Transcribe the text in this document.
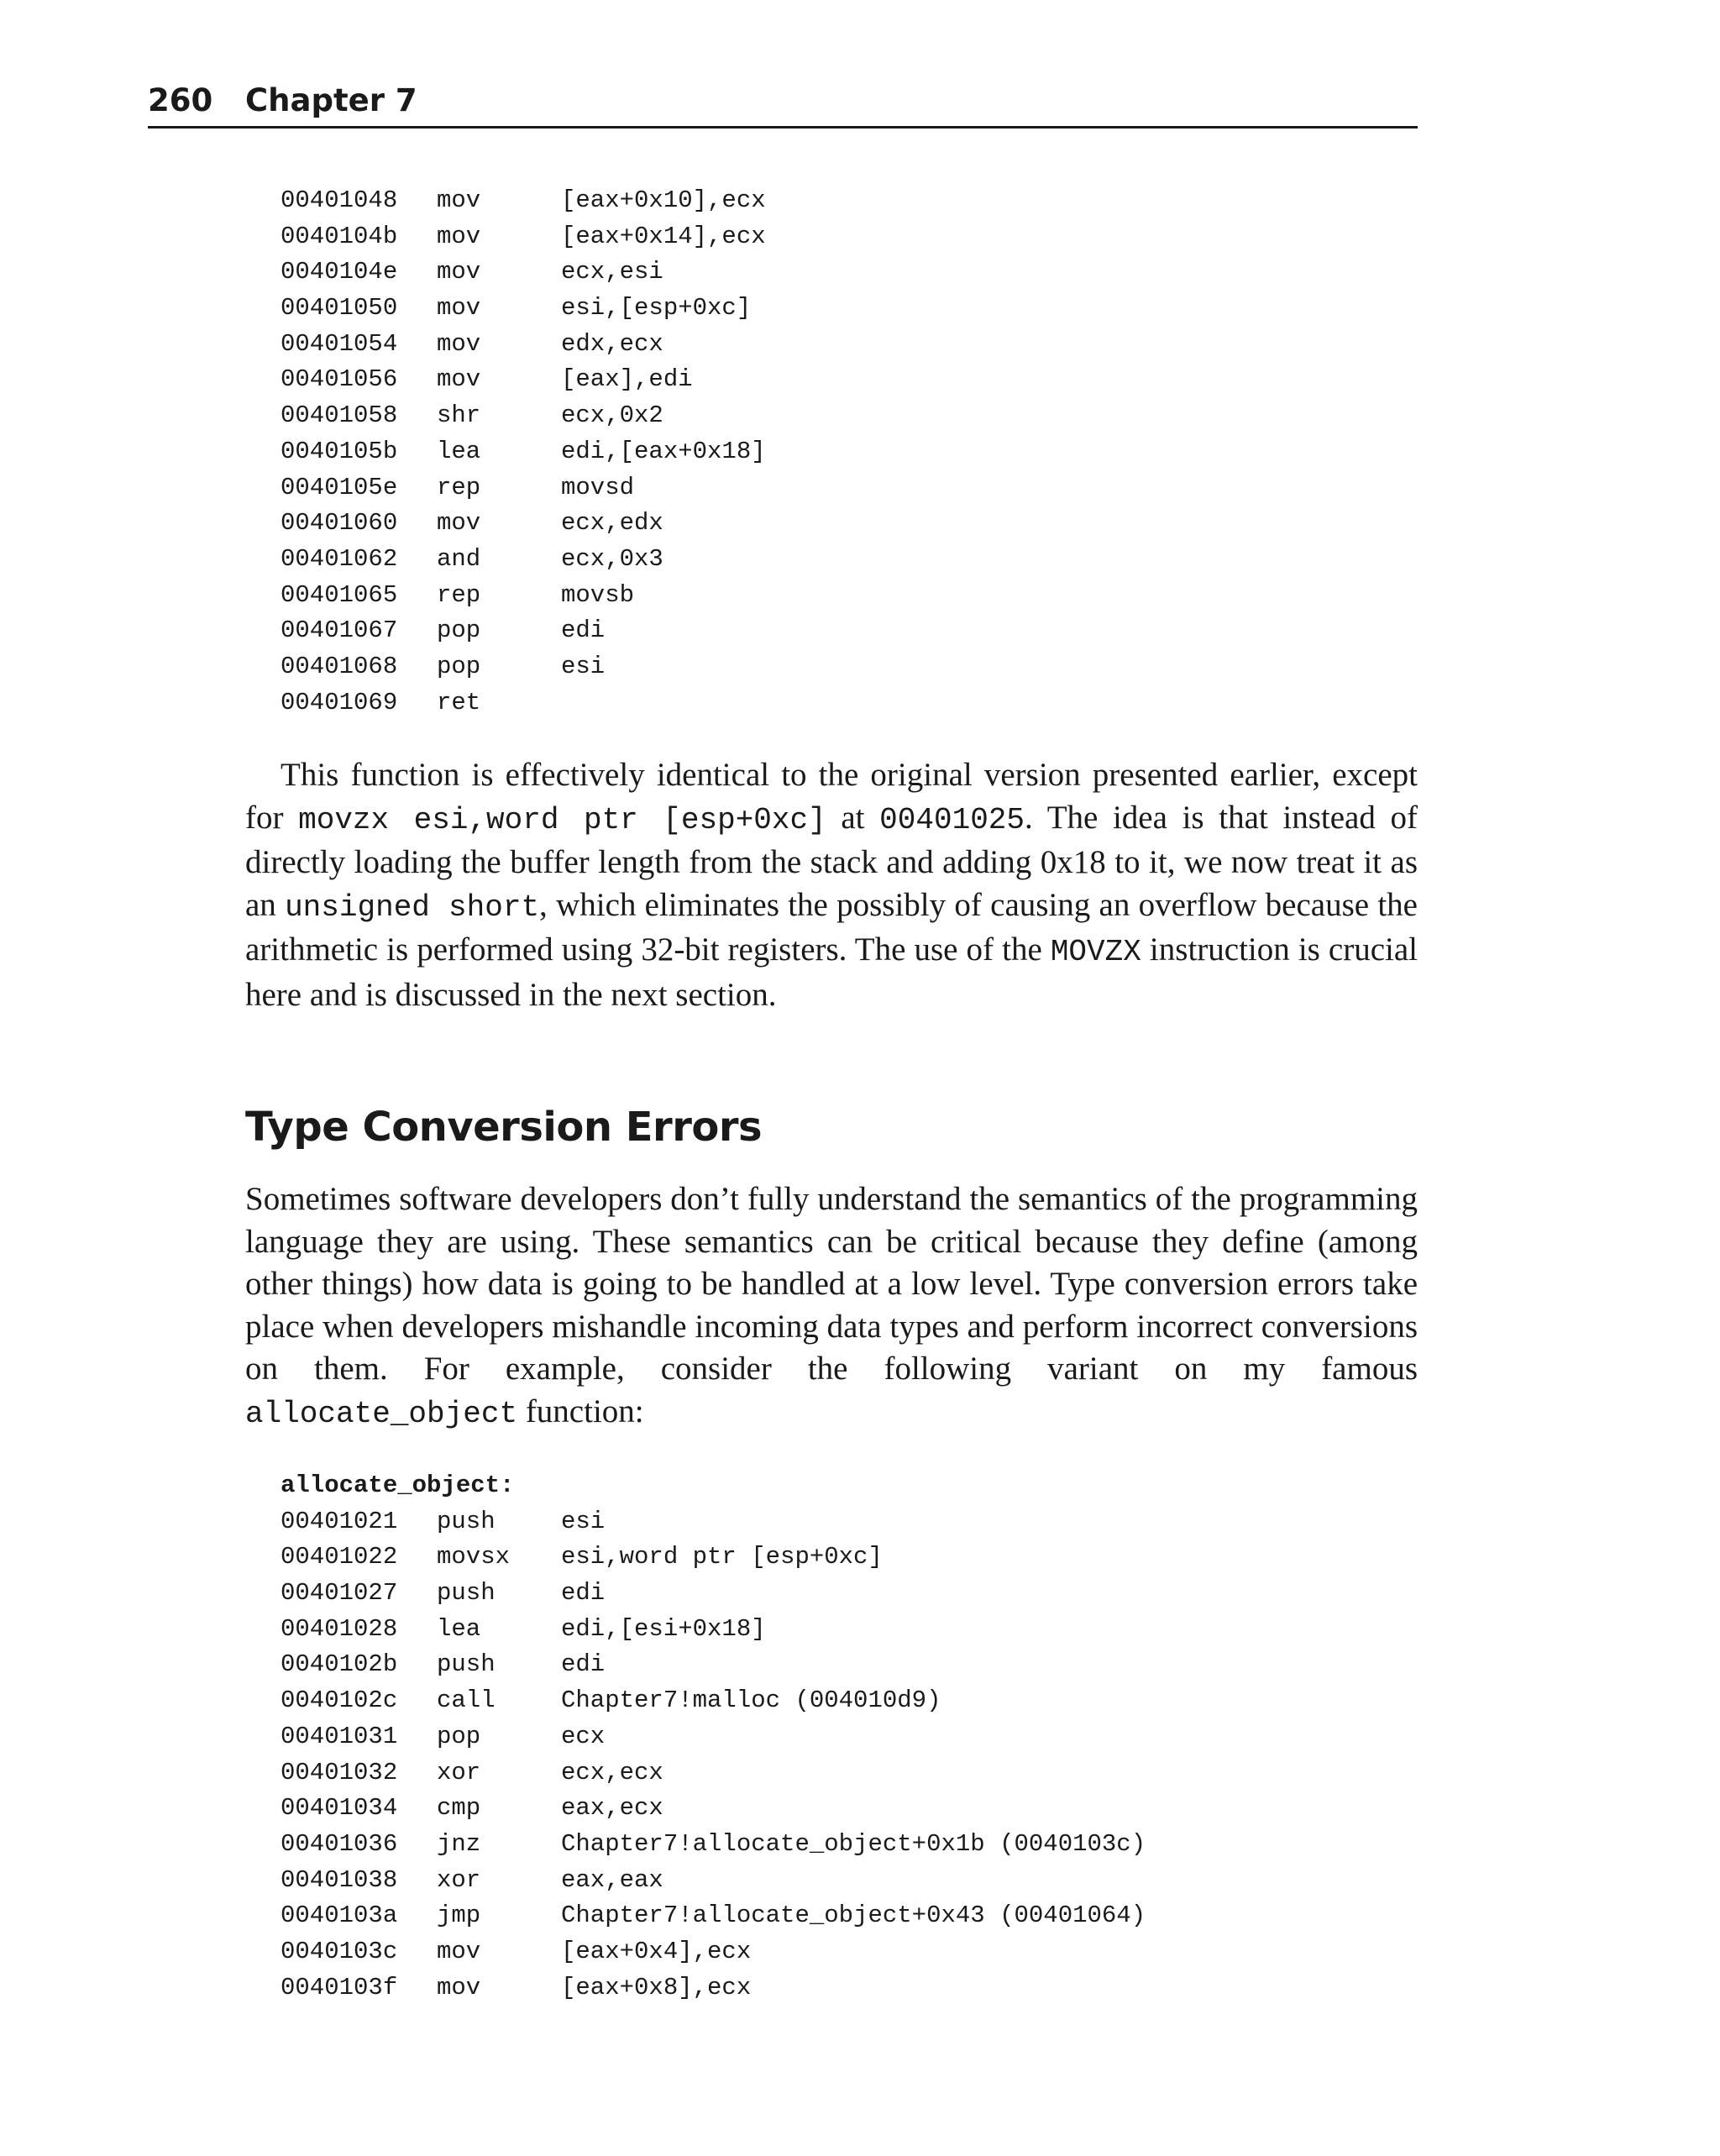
260 Chapter 7
00401048 mov	[eax+0x10],ecx
0040104b mov	[eax+0x14],ecx
0040104e mov	ecx,esi
00401050 mov	esi,[esp+0xc]
00401054 mov	edx,ecx
00401056 mov	[eax],edi
00401058 shr	ecx,0x2
0040105b lea	edi,[eax+0x18]
0040105e rep	movsd
00401060 mov	ecx,edx
00401062 and	ecx,0x3
00401065 rep	movsb
00401067 pop	edi
00401068 pop	esi
00401069 ret

This function is effectively identical to the original version presented earlier, except for movzx esi,word ptr [esp+0xc] at 00401025. The idea is that instead of directly loading the buffer length from the stack and adding 0x18 to it, we now treat it as an unsigned short, which eliminates the possibly of causing an overflow because the arithmetic is performed using 32-bit registers. The use of the MOVZX instruction is crucial here and is discussed in the next section.

Type Conversion Errors

Sometimes software developers don’t fully understand the semantics of the programming language they are using. These semantics can be critical because they define (among other things) how data is going to be handled at a low level. Type conversion errors take place when developers mishandle incoming data types and perform incorrect conversions on them. For example, consider the following variant on my famous allocate_object function:

allocate_object:
00401021 push	esi
00401022 movsx esi,word ptr [esp+0xc]
00401027 push	edi
00401028 lea	edi,[esi+0x18]
0040102b push	edi
0040102c call	Chapter7!malloc (004010d9)
00401031 pop	ecx
00401032 xor	ecx,ecx
00401034 cmp	eax,ecx
00401036 jnz	Chapter7!allocate_object+0x1b (0040103c)
00401038 xor	eax,eax
0040103a jmp	Chapter7!allocate_object+0x43 (00401064)
0040103c mov	[eax+0x4],ecx
0040103f mov	[eax+0x8],ecx
